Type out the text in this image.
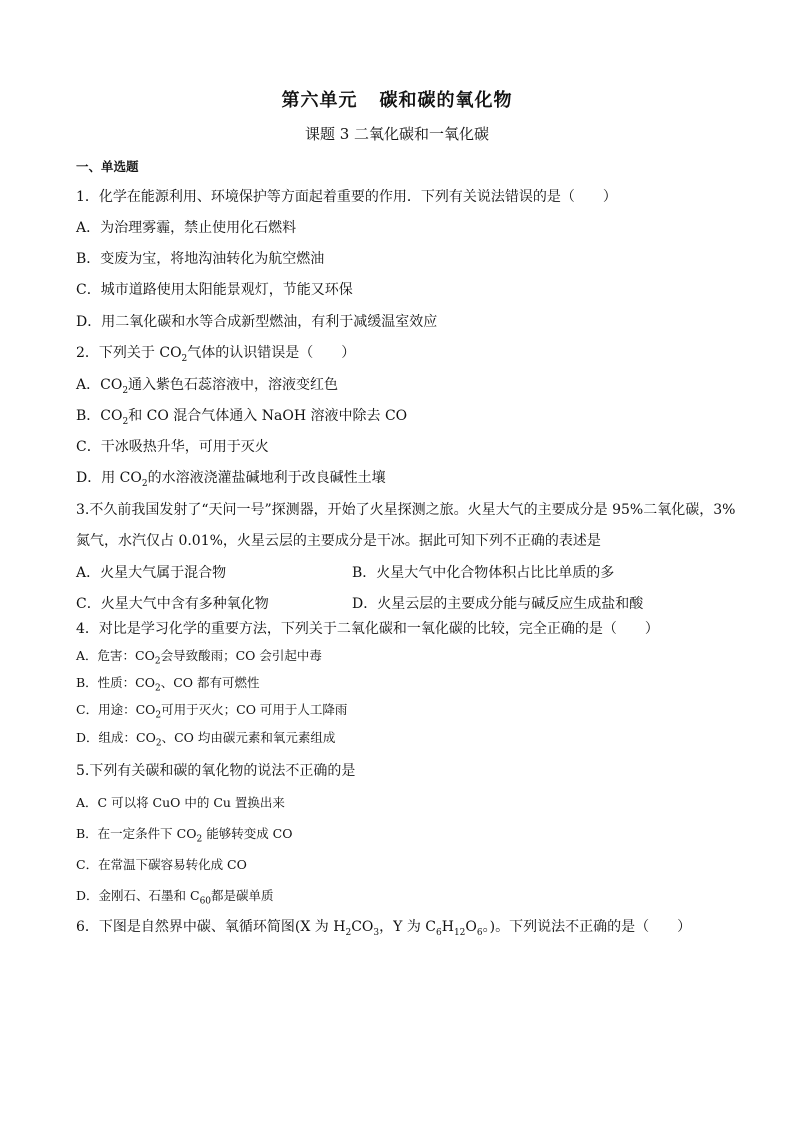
第六单元 碳和碳的氧化物
课题 3 二氧化碳和一氧化碳
一、单选题
1．化学在能源利用、环境保护等方面起着重要的作用．下列有关说法错误的是（　　）
A．为治理雾霾，禁止使用化石燃料
B．变废为宝，将地沟油转化为航空燃油
C．城市道路使用太阳能景观灯，节能又环保
D．用二氧化碳和水等合成新型燃油，有利于减缓温室效应
2．下列关于 $CO_2$气体的认识错误是（　　）
A．$CO_2$通入紫色石蕊溶液中，溶液变红色
B．$CO_2$和 CO 混合气体通入 NaOH 溶液中除去 CO
C．干冰吸热升华，可用于灭火
D．用 $CO_2$的水溶液浇灌盐碱地利于改良碱性土壤
3.不久前我国发射了“天问一号”探测器，开始了火星探测之旅。火星大气的主要成分是 95%二氧化碳，3%
氮气，水汽仅占 0.01%，火星云层的主要成分是干冰。据此可知下列不正确的表述是
A．火星大气属于混合物	B．火星大气中化合物体积占比比单质的多
C．火星大气中含有多种氧化物	D．火星云层的主要成分能与碱反应生成盐和酸
4．对比是学习化学的重要方法，下列关于二氧化碳和一氧化碳的比较，完全正确的是（　　）
A．危害：$CO_2$会导致酸雨；CO 会引起中毒
B．性质：$CO_2$、CO 都有可燃性
C．用途：$CO_2$可用于灭火；CO 可用于人工降雨
D．组成：$CO_2$、CO 均由碳元素和氧元素组成
5.下列有关碳和碳的氧化物的说法不正确的是
A．C 可以将 CuO 中的 Cu 置换出来
B．在一定条件下 $CO_2$ 能够转变成 CO
C．在常温下碳容易转化成 CO
D．金刚石、石墨和 $C_{60}$都是碳单质
6．下图是自然界中碳、氧循环简图(X 为 $H_2CO_3$，Y 为 $C_6H_{12}O_6$。)。下列说法不正确的是（　　）
